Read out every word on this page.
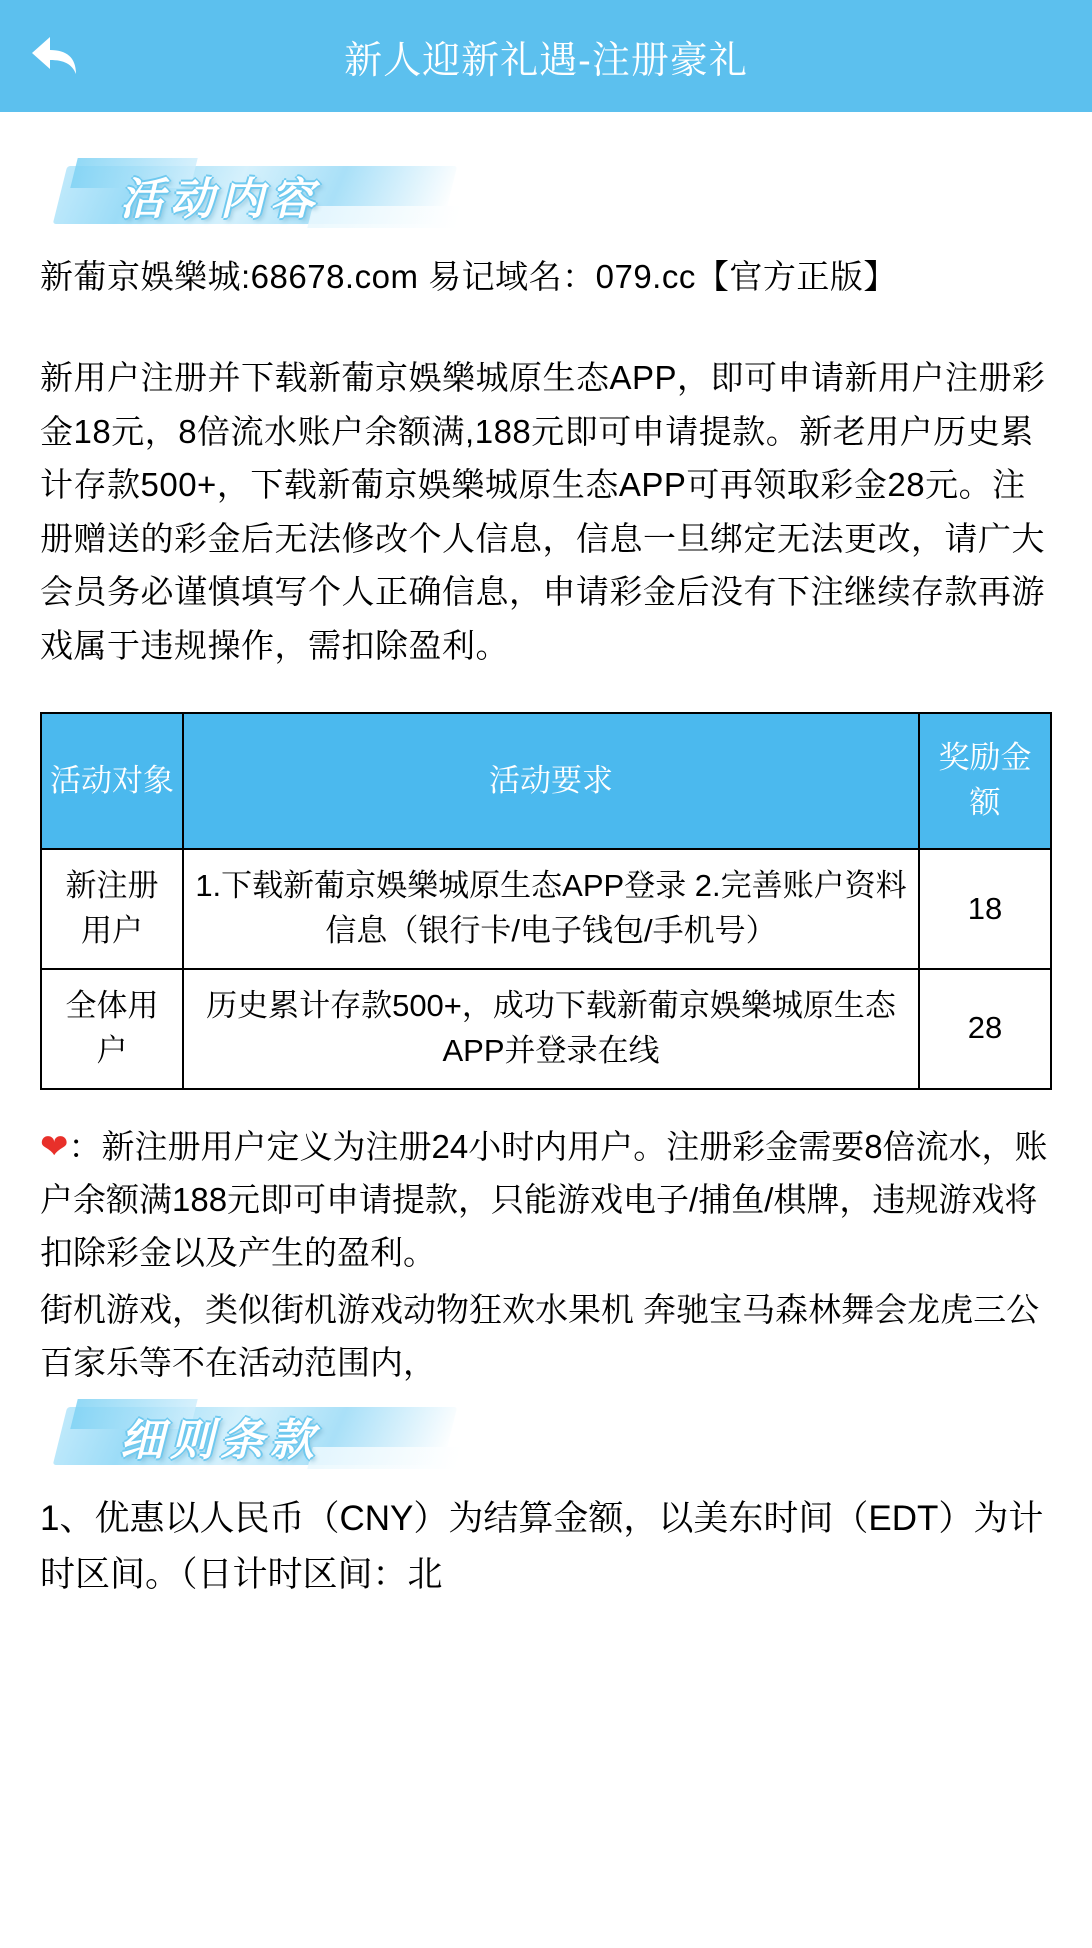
新人迎新礼遇-注册豪礼
活动内容

新葡京娛樂城:68678.com 易记域名：079.cc【官方正版】

新用户注册并下载新葡京娛樂城原生态APP，即可申请新用户注册彩金18元，8倍流水账户余额满,188元即可申请提款。新老用户历史累计存款500+，下载新葡京娛樂城原生态APP可再领取彩金28元。注册赠送的彩金后无法修改个人信息，信息一旦绑定无法更改，请广大会员务必谨慎填写个人正确信息，申请彩金后没有下注继续存款再游戏属于违规操作，需扣除盈利。

活动对象	活动要求	奖励金额
新注册用户	1.下载新葡京娛樂城原生态APP登录 2.完善账户资料信息（银行卡/电子钱包/手机号）	18
全体用户	历史累计存款500+，成功下载新葡京娛樂城原生态APP并登录在线	28

❤：新注册用户定义为注册24小时内用户。注册彩金需要8倍流水，账户余额满188元即可申请提款，只能游戏电子/捕鱼/棋牌，违规游戏将扣除彩金以及产生的盈利。

街机游戏，类似街机游戏动物狂欢水果机 奔驰宝马森林舞会龙虎三公百家乐等不在活动范围内，

细则条款

1、优惠以人民币（CNY）为结算金额，以美东时间（EDT）为计时区间。（日计时区间：北
